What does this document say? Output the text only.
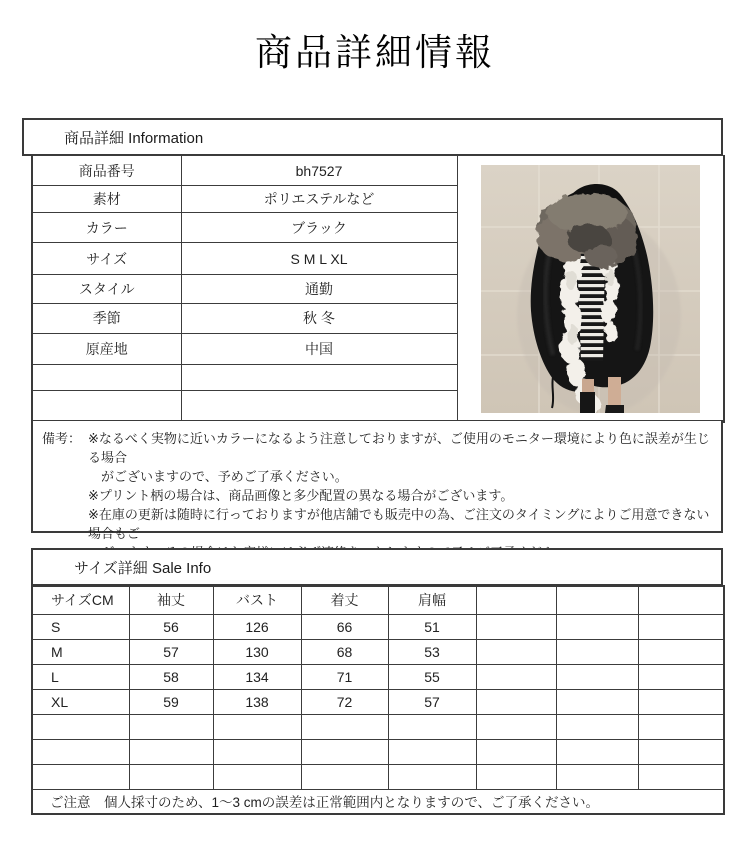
商品詳細情報
商品詳細 Information
商品番号	bh7527	

素材	ポリエステルなど	
カラー	ブラック	
サイズ	S M L XL	
スタイル	通勤	
季節	秋 冬	
原産地	中国	

備考： ※なるべく実物に近いカラーになるよう注意しておりますが、ご使用のモニター環境により色に誤差が生じる場合
がございますので、予めご了承ください。
※プリント柄の場合は、商品画像と多少配置の異なる場合がございます。
※在庫の更新は随時に行っておりますが他店舗でも販売中の為、ご注文のタイミングによりご用意できない場合もご
サイズ詳細 Sale Info
サイズCM	袖丈	バスト	着丈	肩幅			
S	56	126	66	51			
M	57	130	68	53			
L	58	134	71	55			
XL	59	138	72	57			

ご注意　個人採寸のため、1～3 cmの誤差は正常範囲内となりますので、ご了承ください。							
